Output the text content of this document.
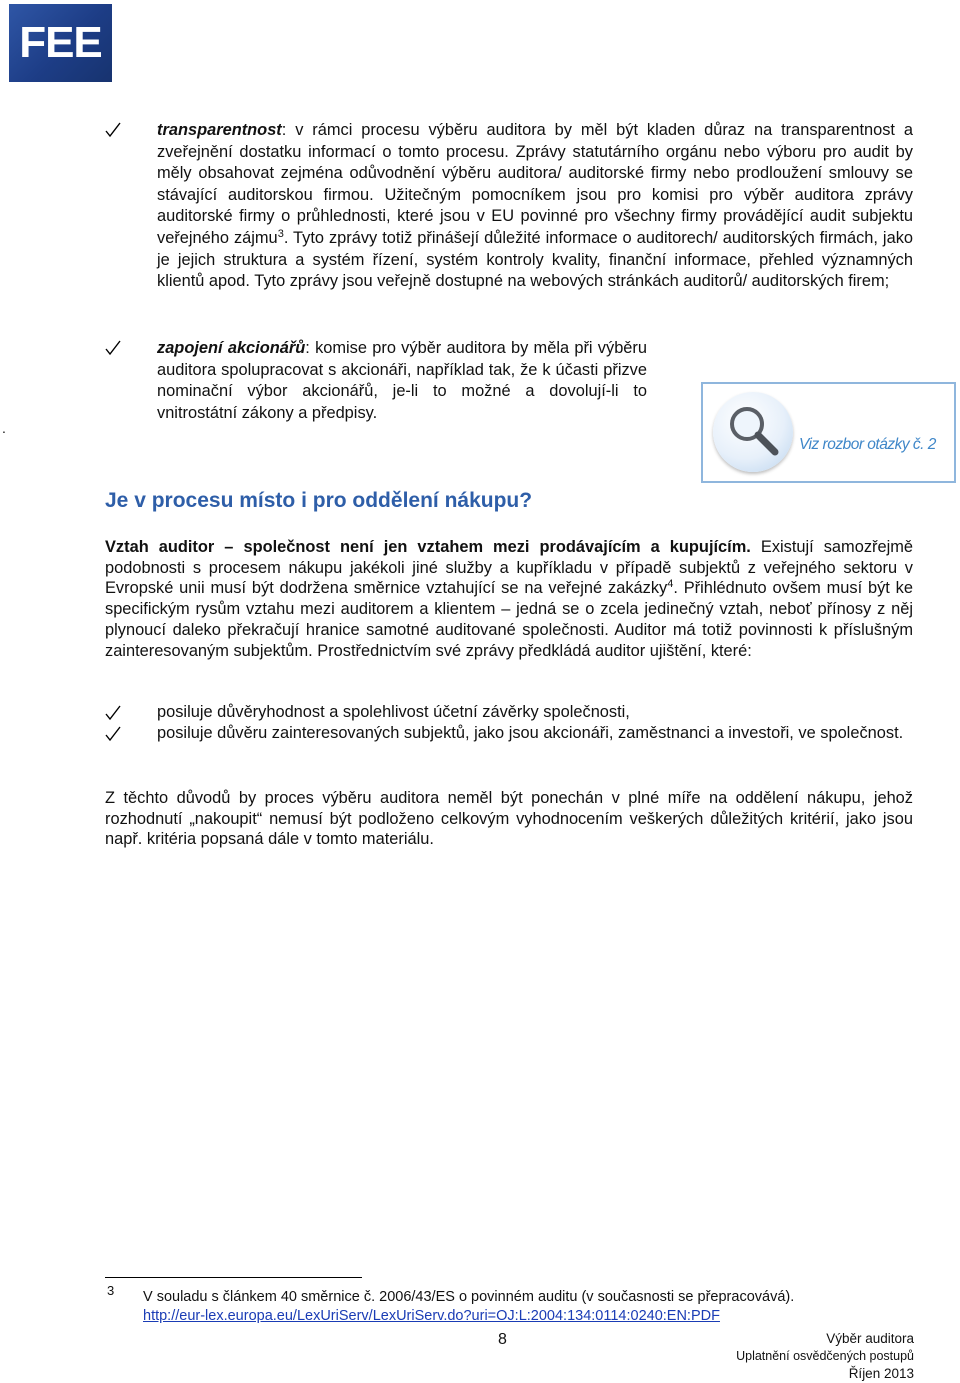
FEE
.

transparentnost: v rámci procesu výběru auditora by měl být kladen důraz na transparentnost a zveřejnění dostatku informací o tomto procesu. Zprávy statutárního orgánu nebo výboru pro audit by měly obsahovat zejména odůvodnění výběru auditora/ auditorské firmy nebo prodloužení smlouvy se stávající auditorskou firmou. Užitečným pomocníkem jsou pro komisi pro výběr auditora zprávy auditorské firmy o průhlednosti, které jsou v EU povinné pro všechny firmy provádějící audit subjektu veřejného zájmu$^3$. Tyto zprávy totiž přinášejí důležité informace o auditorech/ auditorských firmách, jako je jejich struktura a systém řízení, systém kontroly kvality, finanční informace, přehled významných klientů apod. Tyto zprávy jsou veřejně dostupné na webových stránkách auditorů/ auditorských firem;

zapojení akcionářů: komise pro výběr auditora by měla při výběru auditora spolupracovat s akcionáři, například tak, že k účasti přizve nominační výbor akcionářů, je-li to možné a dovolují-li to vnitrostátní zákony a předpisy.

Viz rozbor otázky č. 2
Je v procesu místo i pro oddělení nákupu?

Vztah auditor – společnost není jen vztahem mezi prodávajícím a kupujícím. Existují samozřejmě podobnosti s procesem nákupu jakékoli jiné služby a kupříkladu v případě subjektů z veřejného sektoru v Evropské unii musí být dodržena směrnice vztahující se na veřejné zakázky$^4$. Přihlédnuto ovšem musí být ke specifickým rysům vztahu mezi auditorem a klientem – jedná se o zcela jedinečný vztah, neboť přínosy z něj plynoucí daleko překračují hranice samotné auditované společnosti. Auditor má totiž povinnosti k příslušným zainteresovaným subjektům. Prostřednictvím své zprávy předkládá auditor ujištění, které:

posiluje důvěryhodnost a spolehlivost účetní závěrky společnosti,

posiluje důvěru zainteresovaných subjektů, jako jsou akcionáři, zaměstnanci a investoři, ve společnost.

Z těchto důvodů by proces výběru auditora neměl být ponechán v plné míře na oddělení nákupu, jehož rozhodnutí „nakoupit“ nemusí být podloženo celkovým vyhodnocením veškerých důležitých kritérií, jako jsou např. kritéria popsaná dále v tomto materiálu.

3 V souladu s článkem 40 směrnice č. 2006/43/ES o povinném auditu (v současnosti se přepracovává).
http://eur-lex.europa.eu/LexUriServ/LexUriServ.do?uri=OJ:L:2004:134:0114:0240:EN:PDF

8	Výběr auditora
Uplatnění osvědčených postupů
Říjen 2013
